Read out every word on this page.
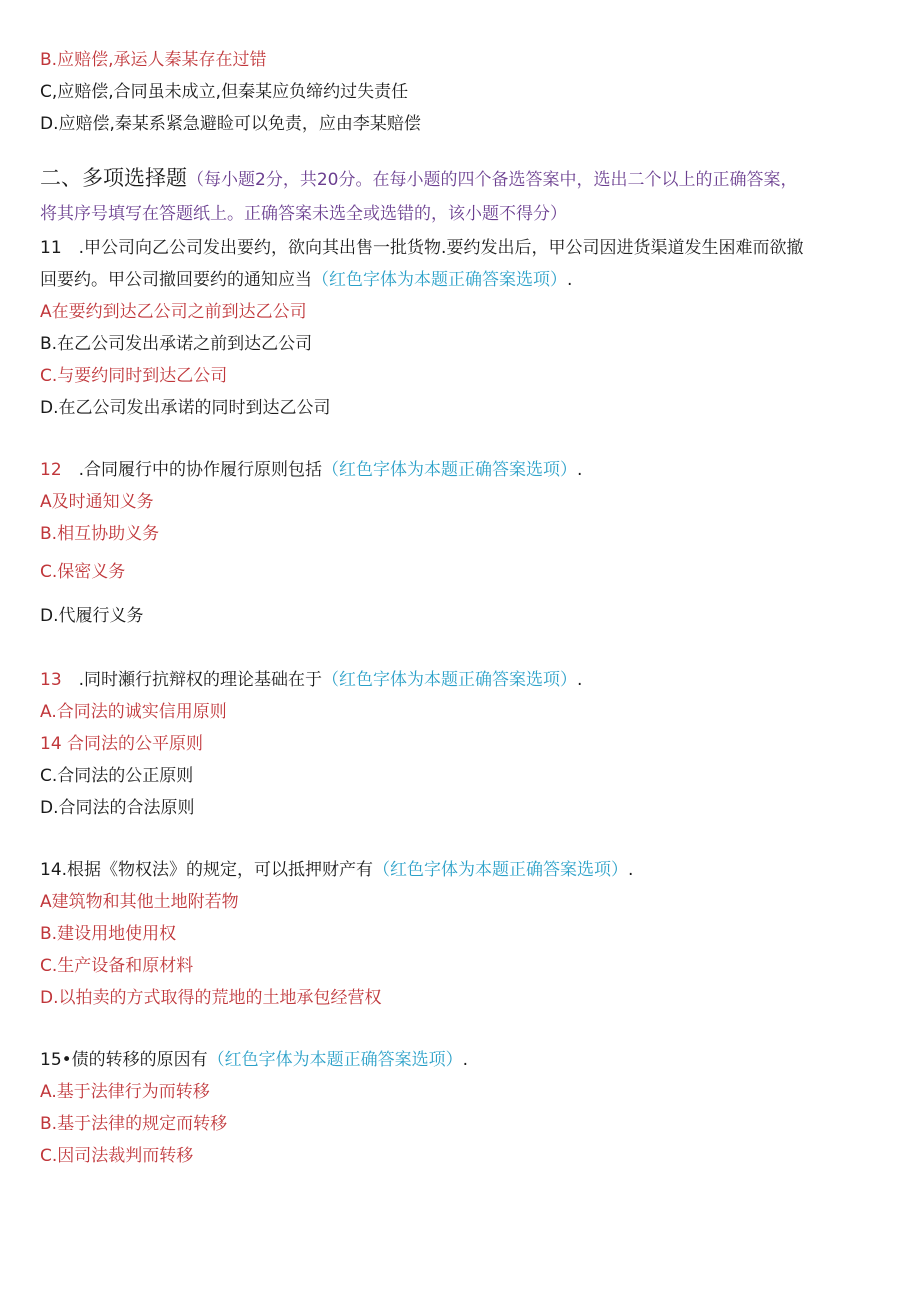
B.应赔偿,承运人秦某存在过错
C,应赔偿,合同虽未成立,但秦某应负缔约过失责任
D.应赔偿,秦某系紧急避睑可以免责，应由李某赔偿
二、多项选择题（每小题2分，共20分。在每小题的四个备选答案中，选出二个以上的正确答案，
将其序号填写在答题纸上。正确答案未选全或选错的，该小题不得分）
11　.甲公司向乙公司发出要约，欲向其出售一批货物.要约发出后，甲公司因进货渠道发生困难而欲撤
回要约。甲公司撤回要约的通知应当（红色字体为本题正确答案选项）.
A在要约到达乙公司之前到达乙公司
B.在乙公司发出承诺之前到达乙公司
C.与要约同时到达乙公司
D.在乙公司发出承诺的同时到达乙公司
12　.合同履行中的协作履行原则包括（红色字体为本题正确答案选项）.
A及时通知义务
B.相互协助义务
C.保密义务
D.代履行义务
13　.同时瀬行抗辩权的理论基础在于（红色字体为本题正确答案选项）.
A.合同法的诚实信用原则
14 合同法的公平原则
C.合同法的公正原则
D.合同法的合法原则
14.根据《物权法》的规定，可以抵押财产有（红色字体为本题正确答案选项）.
A建筑物和其他土地附若物
B.建设用地使用权
C.生产设备和原材料
D.以拍卖的方式取得的荒地的土地承包经营权
15•债的转移的原因有（红色字体为本题正确答案选项）.
A.基于法律行为而转移
B.基于法律的规定而转移
C.因司法裁判而转移
